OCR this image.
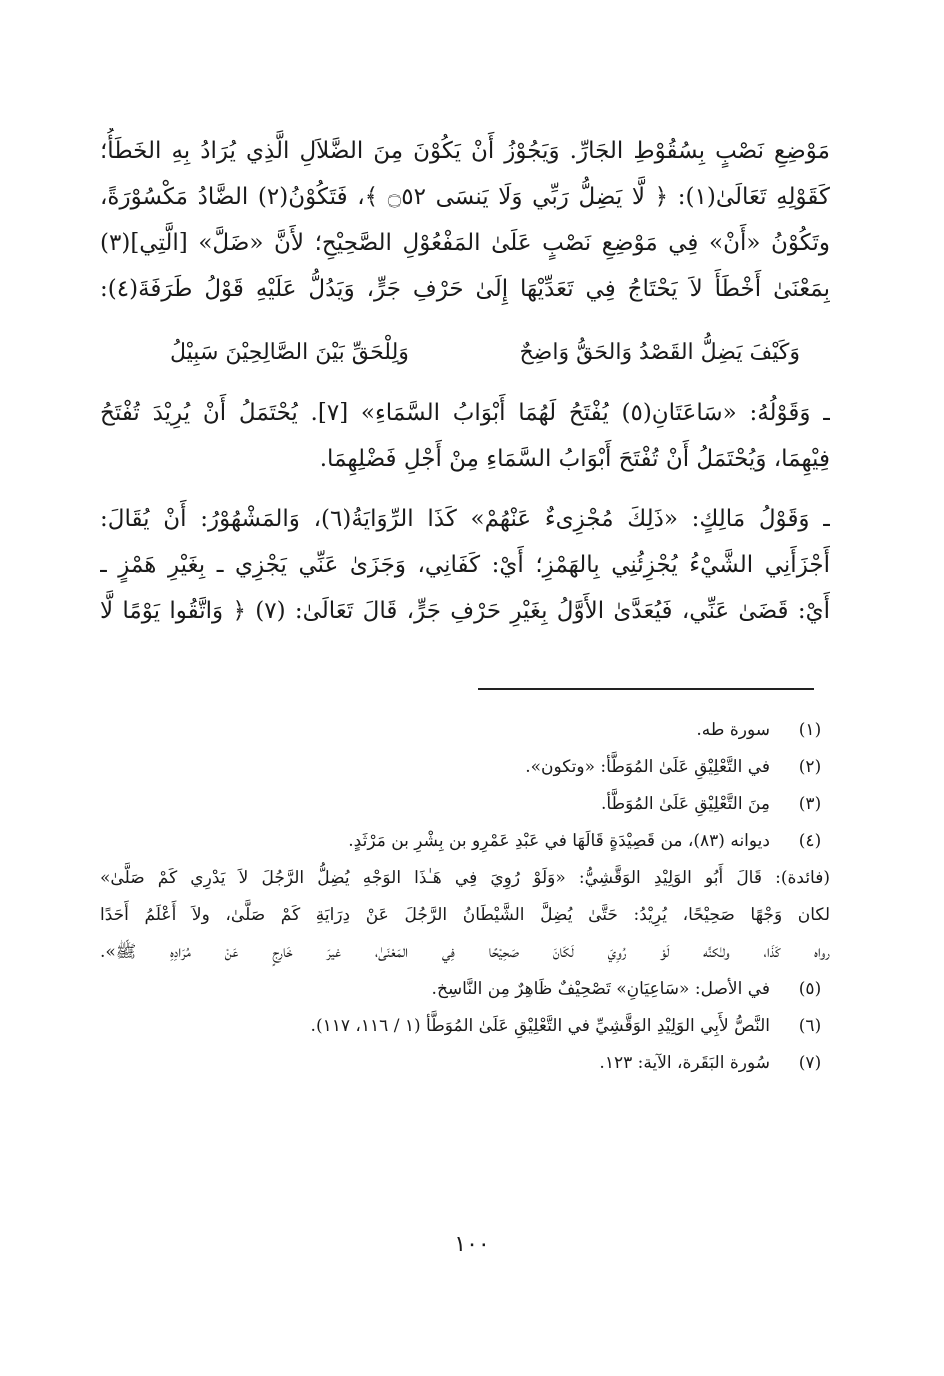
مَوْضِعِ نَصْبٍ بِسُقُوْطِ الجَارِّ. وَيَجُوْزُ أَنْ يَكُوْنَ مِنَ الضَّلاَلِ الَّذِي يُرَادُ بِهِ الخَطَأُ؛
كَقَوْلِهِ تَعَالَىٰ(١): ﴿ لَّا يَضِلُّ رَبِّي وَلَا يَنسَى ۝٥٢ ﴾، فَتَكُوْنُ(٢) الضَّادُ مَكْسُوْرَةً،
وتَكُوْنُ «أَنْ» فِي مَوْضِعِ نَصْبٍ عَلَىٰ المَفْعُوْلِ الصَّحِيْحِ؛ لأَنَّ «ضَلَّ» [الَّتِي](٣)
بِمَعْنَىٰ أَخْطَأَ لاَ يَحْتَاجُ فِي تَعَدِّيْهَا إِلَىٰ حَرْفِ جَرٍّ، وَيَدُلُّ عَلَيْهِ قَوْلُ طَرَفَةَ(٤):
وَكَيْفَ يَضِلُّ القَصْدُ وَالحَقُّ وَاضِحٌ
وَلِلْحَقِّ بَيْنَ الصَّالِحِيْنَ سَبِيْلُ
ـ وَقَوْلُهُ: «سَاعَتَانِ(٥) يُفْتَحُ لَهُمَا أَبْوَابُ السَّمَاءِ» [٧]. يُحْتَمَلُ أَنْ يُرِيْدَ تُفْتَحُ
فِيْهِمَا، وَيُحْتَمَلُ أَنْ تُفْتَحَ أَبْوَابُ السَّمَاءِ مِنْ أَجْلِ فَضْلِهِمَا.
ـ وَقَوْلُ مَالِكٍ: «ذَلِكَ مُجْزِىءٌ عَنْهُمْ» كَذَا الرِّوَايَةُ(٦)، وَالمَشْهُوْرُ: أَنْ يُقَالَ:
أَجْزَأَنِي الشَّيْءُ يُجْزِئُنِي بِالهَمْزِ؛ أَيْ: كَفَانِي، وَجَزَىٰ عَنِّي يَجْزِي ـ بِغَيْرِ هَمْزٍ ـ
أَيْ: قَضَىٰ عَنِّي، فَيُعَدَّىٰ الأَوَّلُ بِغَيْرِ حَرْفِ جَرٍّ، قَالَ تَعَالَىٰ: (٧) ﴿ وَاتَّقُوا يَوْمًا لَّا
(١)
سورة طه.
(٢)
في التَّعْلِيْقِ عَلَىٰ المُوَطَّأ: «وتكون».
(٣)
مِنَ التَّعْلِيْقِ عَلَىٰ المُوَطَّأ.
(٤)
ديوانه (٨٣)، من قَصِيْدَةٍ قَالَهَا في عَبْدِ عَمْرِو بن بِشْرِ بن مَرْثَدٍ.
(فائدة): قَالَ أَبُو الوَلِيْدِ الوَقَّشِيُّ: «وَلَوْ رُوِيَ فِي هَـٰذَا الوَجْهِ يُضِلُّ الرَّجُلَ لاَ يَدْرِي كَمْ صَلَّىٰ»
لكان وَجْهًا صَحِيْحًا، يُرِيْدُ: حَتَّىٰ يُضِلَّ الشَّيْطَانُ الرَّجُلَ عَنْ دِرَايَةِ كَمْ صَلَّىٰ، ولاَ أَعْلَمُ أَحَدًا
رواه كَذَا، ولـٰكنَّه لَوْ رُوِيَ لَكَانَ صَحِيْحًا فِي المَعْنَىٰ، غيرَ خَارِجٍ عَنْ مُرَادِهِ ﷺ».
(٥)
في الأصل: «سَاعِيَانِ» تَصْحِيْفٌ ظَاهِرٌ مِن النَّاسِخ.
(٦)
النَّصُّ لأَبِي الوَلِيْدِ الوَقَّشِيِّ في التَّعْلِيْقِ عَلَىٰ المُوَطَّأ (١ / ١١٦، ١١٧).
(٧)
سُورة البَقَرة، الآية: ١٢٣.
١٠٠
